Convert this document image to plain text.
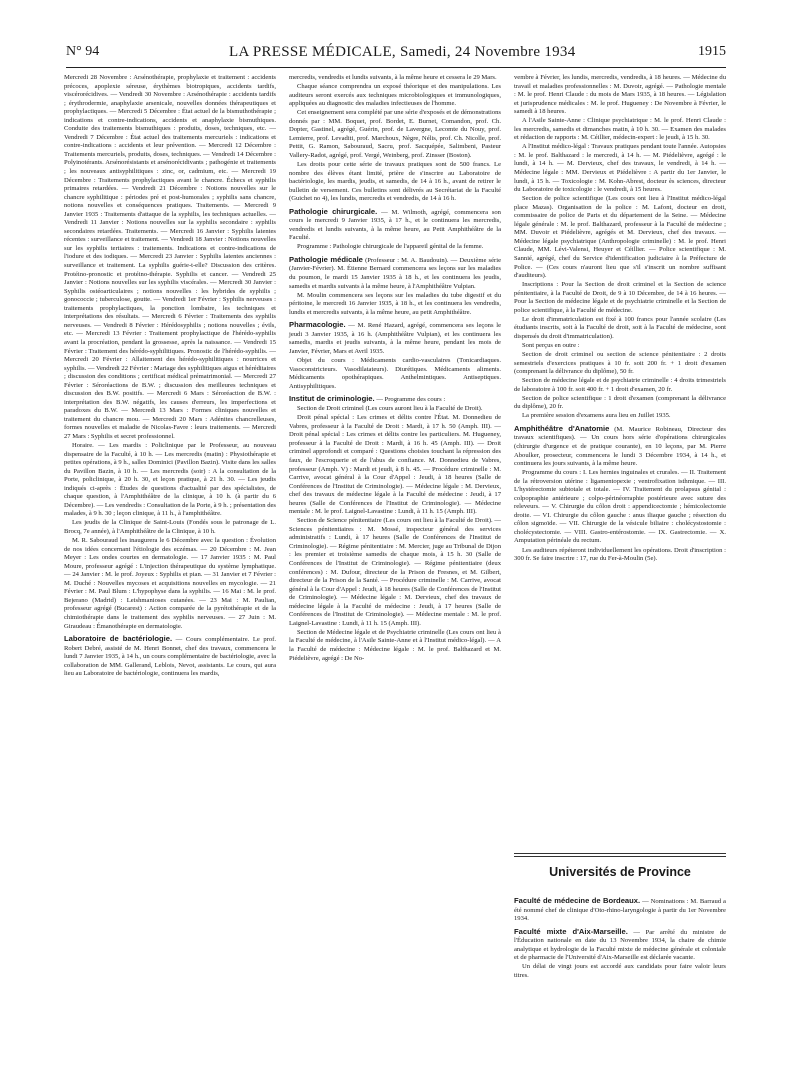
N° 94	LA PRESSE MÉDICALE, Samedi, 24 Novembre 1934	1915

Mercredi 28 Novembre : Arsénothérapie, prophylaxie et traitement : accidents précoces, apoplexie séreuse, érythèmes biotropiques, accidents tardifs, viscérorécidives. — Vendredi 30 Novembre : Arsénothérapie : accidents tardifs ; érythrodermie, anaphylaxie arsenicale, nouvelles données thérapeutiques et prophylactiques. — Mercredi 5 Décembre : État actuel de la bismuthothérapie ; indications et contre-indications, accidents et anaphylaxie bismuthiques. Conduite des traitements bismuthiques : produits, doses, techniques, etc. — Vendredi 7 Décembre : État actuel des traitements mercuriels : indications et contre-indications : accidents et leur prévention. — Mercredi 12 Décembre : Traitements mercuriels, produits, doses, techniques. — Vendredi 14 Décembre : Polyinotérants. Arsénorésistants et arsénorécidivants ; pathogénie et traitements ; les nouveaux antisyphilitiques : zinc, or, cadmium, etc. — Mercredi 19 Décembre : Traitements prophylactiques avant le chancre. Échecs et syphilis primaires retardées. — Vendredi 21 Décembre : Notions nouvelles sur le chancre syphilitique : périodes pré et post-humorales ; syphilis sans chancre, notions nouvelles et conséquences pratiques. Traitements. — Mercredi 9 Janvier 1935 : Traitements d'attaque de la syphilis, les techniques actuelles. — Vendredi 11 Janvier : Notions nouvelles sur la syphilis secondaire : syphilis secondaires retardées. Traitements. — Mercredi 16 Janvier : Syphilis latentes récentes : surveillance et traitement. — Vendredi 18 Janvier : Notions nouvelles sur les syphilis tertiaires : traitements. Indications et contre-indications de l'iodure et des iodiques. — Mercredi 23 Janvier : Syphilis latentes anciennes : surveillance et traitement. La syphilis guérie-t-elle? Discussion des critères. Protéino-pronostic et protéino-thérapie. Syphilis et cancer. — Vendredi 25 Janvier : Notions nouvelles sur les syphilis viscérales. — Mercredi 30 Janvier : Syphilis ostéoarticulaires ; notions nouvelles : les hybrides de syphilis ; gonococcie ; tuberculose, goutte. — Vendredi 1er Février : Syphilis nerveuses : traitements prophylactiques, la ponction lombaire, les techniques et interprétations des résultats. — Mercredi 6 Février : Traitements des syphilis nerveuses. — Vendredi 8 Février : Hérédosyphilis ; notions nouvelles ; évils, etc. — Mercredi 13 Février : Traitement prophylactique de l'hérédo-syphilis avant la procréation, pendant la grossesse, après la naissance. — Vendredi 15 Février : Traitement des hérédo-syphilitiques. Pronostic de l'hérédo-syphilis. — Mercredi 20 Février : Allaitement des hérédo-syphilitiques : nourrices et syphilis. — Vendredi 22 Février : Mariage des syphilitiques aigus et héréditaires ; discussion des conditions ; certificat médical prématrimonial. — Mercredi 27 Février : Séroréactions de B.W. ; discussion des meilleures techniques et discussion des B.W. positifs. — Mercredi 6 Mars : Séroréaction de B.W. : interprétation des B.W. négatifs, les causes d'erreurs, les imperfections et paradoxes du B.W. — Mercredi 13 Mars : Formes cliniques nouvelles et traitement du chancre mou. — Mercredi 20 Mars : Adénites chancrelleuses, formes nouvelles et maladie de Nicolas-Favre : leurs traitements. — Mercredi 27 Mars : Syphilis et secret professionnel.

Horaire. — Les mardis : Policlinique par le Professeur, au nouveau dispensaire de la Faculté, à 10 h. — Les mercredis (matin) : Physiothérapie et petites opérations, à 9 h., salles Dominici (Pavillon Bazin). Visite dans les salles du Pavillon Bazin, à 10 h. — Les mercredis (soir) : A la consultation de la Porte, policlinique, à 20 h. 30, et leçon pratique, à 21 h. 30. — Les jeudis indiqués ci-après : Études de questions d'actualité par des spécialistes, de chaque question, à l'Amphithéâtre de la clinique, à 10 h. (à partir du 6 Décembre). — Les vendredis : Consultation de la Porte, à 9 h. ; présentation des malades, à 9 h. 30 ; leçon clinique, à 11 h., à l'amphithéâtre.

Les jeudis de la Clinique de Saint-Louis (Fondés sous le patronage de L. Brocq, 7e année), à l'Amphithéâtre de la Clinique, à 10 h.

M. R. Sabouraud les inaugurera le 6 Décembre avec la question : Évolution de nos idées concernant l'étiologie des eczémas. — 20 Décembre : M. Jean Meyer : Les ondes courtes en dermatologie. — 17 Janvier 1935 : M. Paul Moure, professeur agrégé : L'injection thérapeutique du système lymphatique. — 24 Janvier : M. le prof. Joyeux : Syphilis et pian. — 31 Janvier et 7 Février : M. Duché : Nouvelles mycoses et acquisitions nouvelles en mycologie. — 21 Février : M. Paul Blum : L'hypophyse dans la syphilis. — 16 Mai : M. le prof. Bejerano (Madrid) : Leishmanioses cutanées. — 23 Mai : M. Paulian, professeur agrégé (Bucarest) : Action comparée de la pyrétothérapie et de la chimiothérapie dans le traitement des syphilis nerveuses. — 27 Juin : M. Giraudeau : Émanothérapie en dermatologie.

Laboratoire de bactériologie. — Cours complémentaire. Le prof. Robert Debré, assisté de M. Henri Bonnet, chef des travaux, commencera le lundi 7 Janvier 1935, à 14 h., un cours complémentaire de bactériologie, avec la collaboration de MM. Gallerand, Leblois, Nevot, assistants. Le cours, qui aura lieu au Laboratoire de bactériologie, continuera les mardis,

mercredis, vendredis et lundis suivants, à la même heure et cessera le 29 Mars.

Chaque séance comprendra un exposé théorique et des manipulations. Les auditeurs seront exercés aux techniques microbiologiques et immunologiques, appliquées au diagnostic des maladies infectieuses de l'homme.

Cet enseignement sera complété par une série d'exposés et de démonstrations donnés par : MM. Boquet, prof. Bordet, E. Burnet, Comandon, prof. Ch. Dopter, Gastinel, agrégé, Guérin, prof. de Lavergne, Lecomte du Nouy, prof. Lemierre, prof. Levaditi, prof. Marchoux, Nègre, Nélis, prof. Ch. Nicolle, prof. Pettit, G. Ramon, Sabouraud, Sacru, prof. Sacquépée, Salimbeni, Pasteur Vallery-Radot, agrégé, prof. Vergé, Weinberg, prof. Zinsser (Boston).

Les droits pour cette série de travaux pratiques sont de 500 francs. Le nombre des élèves étant limité, prière de s'inscrire au Laboratoire de bactériologie, les mardis, jeudis, et samedis, de 14 à 16 h., avant de retirer le bulletin de versement. Ces bulletins sont délivrés au Secrétariat de la Faculté (Guichet no 4), les lundis, mercredis et vendredis, de 14 à 16 h.

Pathologie chirurgicale. — M. Wilmoth, agrégé, commencera son cours le mercredi 9 Janvier 1935, à 17 h., et le continuera les mercredis, vendredis et lundis suivants, à la même heure, au Petit Amphithéâtre de la Faculté.

Programme : Pathologie chirurgicale de l'appareil génital de la femme.

Pathologie médicale (Professeur : M. A. Baudouin). — Deuxième série (Janvier-Février). M. Étienne Bernard commencera ses leçons sur les maladies du poumon, le mardi 15 Janvier 1935 à 18 h., et les continuera les jeudis, samedis et mardis suivants à la même heure, à l'Amphithéâtre Vulpian.

M. Moulin commencera ses leçons sur les maladies du tube digestif et du péritoine, le mercredi 16 Janvier 1935, à 18 h., et les continuera les vendredis, lundis et mercredis suivants, à la même heure, au petit Amphithéâtre.

Pharmacologie. — M. René Hazard, agrégé, commencera ses leçons le jeudi 3 Janvier 1935, à 16 h. (Amphithéâtre Vulpian), et les continuera les samedis, mardis et jeudis suivants, à la même heure, pendant les mois de Janvier, Février, Mars et Avril 1935.

Objet du cours : Médicaments cardio-vasculaires (Tonicardiaques. Vasoconstricteurs. Vasodilatateurs). Diurétiques. Médicaments aliments. Médicaments opothérapiques. Anthelmintiques. Antiseptiques. Antisyphilitiques.

Institut de criminologie. — Programme des cours :

Section de Droit criminel (Les cours auront lieu à la Faculté de Droit).

Droit pénal spécial : Les crimes et délits contre l'État. M. Donnedieu de Vabres, professeur à la Faculté de Droit : Mardi, à 17 h. 50 (Amph. III). — Droit pénal spécial : Les crimes et délits contre les particuliers. M. Hugueney, professeur à la Faculté de Droit : Mardi, à 16 h. 45 (Amph. III). — Droit criminel approfondi et comparé : Questions choisies touchant la répression des faux, de l'escroquerie et de l'abus de confiance. M. Donnedieu de Vabres, professeur (Amph. V) : Mardi et jeudi, à 8 h. 45. — Procédure criminelle : M. Carrive, avocat général à la Cour d'Appel : Jeudi, à 18 heures (Salle de Conférences de l'Institut de Criminologie). — Médecine légale : M. Dervieux, chef des travaux de médecine légale à la Faculté de médecine : Jeudi, à 17 heures (Salle de Conférences de l'Institut de Criminologie). — Médecine mentale : M. le prof. Laignel-Lavastine : Lundi, à 11 h. 15 (Amph. III).

Section de Science pénitentiaire (Les cours ont lieu à la Faculté de Droit). — Sciences pénitentiaires : M. Mossé, inspecteur général des services administratifs : Lundi, à 17 heures (Salle de Conférences de l'Institut de Criminologie). — Régime pénitentiaire : M. Mercier, juge au Tribunal de Dijon : les premier et troisième samedis de chaque mois, à 15 h. 30 (Salle de Conférences de l'Institut de Criminologie). — Régime pénitentiaire (deux conférences) : M. Dufour, directeur de la Prison de Fresnes, et M. Gilbert, directeur de la Prison de la Santé. — Procédure criminelle : M. Carrive, avocat général à la Cour d'Appel : Jeudi, à 18 heures (Salle de Conférences de l'Institut de Criminologie). — Médecine légale : M. Dervieux, chef des travaux de médecine légale à la Faculté de médecine : Jeudi, à 17 heures (Salle de Conférences de l'Institut de Criminologie). — Médecine mentale : M. le prof. Laignel-Lavastine : Lundi, à 11 h. 15 (Amph. III).

Section de Médecine légale et de Psychiatrie criminelle (Les cours ont lieu à la Faculté de médecine, à l'Asile Sainte-Anne et à l'Institut médico-légal). — A la Faculté de médecine : Médecine légale : M. le prof. Balthazard et M. Piédelièvre, agrégé : De No-

vembre à Février, les lundis, mercredis, vendredis, à 18 heures. — Médecine du travail et maladies professionnelles : M. Duvoir, agrégé. — Pathologie mentale : M. le prof. Henri Claude : du mois de Mars 1935, à 18 heures. — Législation et jurisprudence médicales : M. le prof. Hugueney : De Novembre à Février, le samedi à 18 heures.

A l'Asile Sainte-Anne : Clinique psychiatrique : M. le prof. Henri Claude : les mercredis, samedis et dimanches matin, à 10 h. 30. — Examen des malades et rédaction de rapports : M. Céillier, médecin-expert : le jeudi, à 15 h. 30.

A l'Institut médico-légal : Travaux pratiques pendant toute l'année. Autopsies : M. le prof. Balthazard : le mercredi, à 14 h. — M. Piédelièvre, agrégé : le lundi, à 14 h. — M. Dervieux, chef des travaux, le vendredi, à 14 h. — Médecine légale : MM. Dervieux et Piédelièvre : A partir du 1er Janvier, le lundi, à 15 h. — Toxicologie : M. Kohn-Abrest, docteur ès sciences, directeur du Laboratoire de toxicologie : le vendredi, à 15 heures.

Section de police scientifique (Les cours ont lieu à l'Institut médico-légal place Mazas). Organisation de la police : M. Lafont, docteur en droit, commissaire de police de Paris et du département de la Seine. — Médecine légale générale : M. le prof. Balthazard, professeur à la Faculté de médecine ; MM. Duvoir et Piédelièvre, agrégés et M. Dervieux, chef des travaux. — Médecine légale psychiatrique (Anthropologie criminelle) : M. le prof. Henri Claude, MM. Lévi-Valensi, Heuyer et Céillier. — Police scientifique : M. Sannié, agrégé, chef du Service d'identification judiciaire à la Préfecture de Police. — (Ces cours n'auront lieu que s'il s'inscrit un nombre suffisant d'auditeurs).

Inscriptions : Pour la Section de droit criminel et la Section de science pénitentiaire, à la Faculté de Droit, de 9 à 10 Décembre, de 14 à 16 heures. — Pour la Section de médecine légale et de psychiatrie criminelle et la Section de police scientifique, à la Faculté de médecine.

Le droit d'immatriculation est fixé à 100 francs pour l'année scolaire (Les étudiants inscrits, soit à la Faculté de droit, soit à la Faculté de médecine, sont dispensés du droit d'immatriculation).

Sont perçus en outre :

Section de droit criminel ou section de science pénitentiaire : 2 droits semestriels d'exercices pratiques à 10 fr. soit 200 fr. + 1 droit d'examen (comprenant la délivrance du diplôme), 50 fr.

Section de médecine légale et de psychiatrie criminelle : 4 droits trimestriels de laboratoire à 100 fr. soit 400 fr. + 1 droit d'examen, 20 fr.

Section de police scientifique : 1 droit d'examen (comprenant la délivrance du diplôme), 20 fr.

La première session d'examens aura lieu en Juillet 1935.

Amphithéâtre d'Anatomie (M. Maurice Robineau, Directeur des travaux scientifiques). — Un cours hors série d'opérations chirurgicales (chirurgie d'urgence et de pratique courante), en 10 leçons, par M. Pierre Aboulker, prosecteur, commencera le lundi 3 Décembre 1934, à 14 h., et continuera les jours suivants, à la même heure.

Programme du cours : I. Les hernies inguinales et crurales. — II. Traitement de la rétroversion utérine : ligamentopexie ; ventrofixation isthmique. — III. L'hystérectomie subtotale et totale. — IV. Traitement du prolapsus génital : colpopraphie antérieure ; colpo-périnéorraphie postérieure avec suture des releveurs. — V. Chirurgie du côlon droit : appendicectomie ; hémicolectomie droite. — VI. Chirurgie du côlon gauche : anus iliaque gauche ; résection du côlon sigmoïde. — VII. Chirurgie de la vésicule biliaire : cholécystostomie : cholécystectomie. — VIII. Gastro-entérostomie. — IX. Gastrectomie. — X. Amputation périnéale du rectum.

Les auditeurs répéteront individuellement les opérations. Droit d'inscription : 300 fr. Se faire inscrire : 17, rue du Fer-à-Moulin (5e).

Universités de Province

Faculté de médecine de Bordeaux. — Nominations : M. Barraud a été nommé chef de clinique d'Oto-rhino-laryngologie à partir du 1er Novembre 1934.

Faculté mixte d'Aix-Marseille. — Par arrêté du ministre de l'Éducation nationale en date du 13 Novembre 1934, la chaire de chimie analytique et hydrologie de la Faculté mixte de médecine générale et coloniale et de pharmacie de l'Université d'Aix-Marseille est déclarée vacante.

Un délai de vingt jours est accordé aux candidats pour faire valoir leurs titres.
